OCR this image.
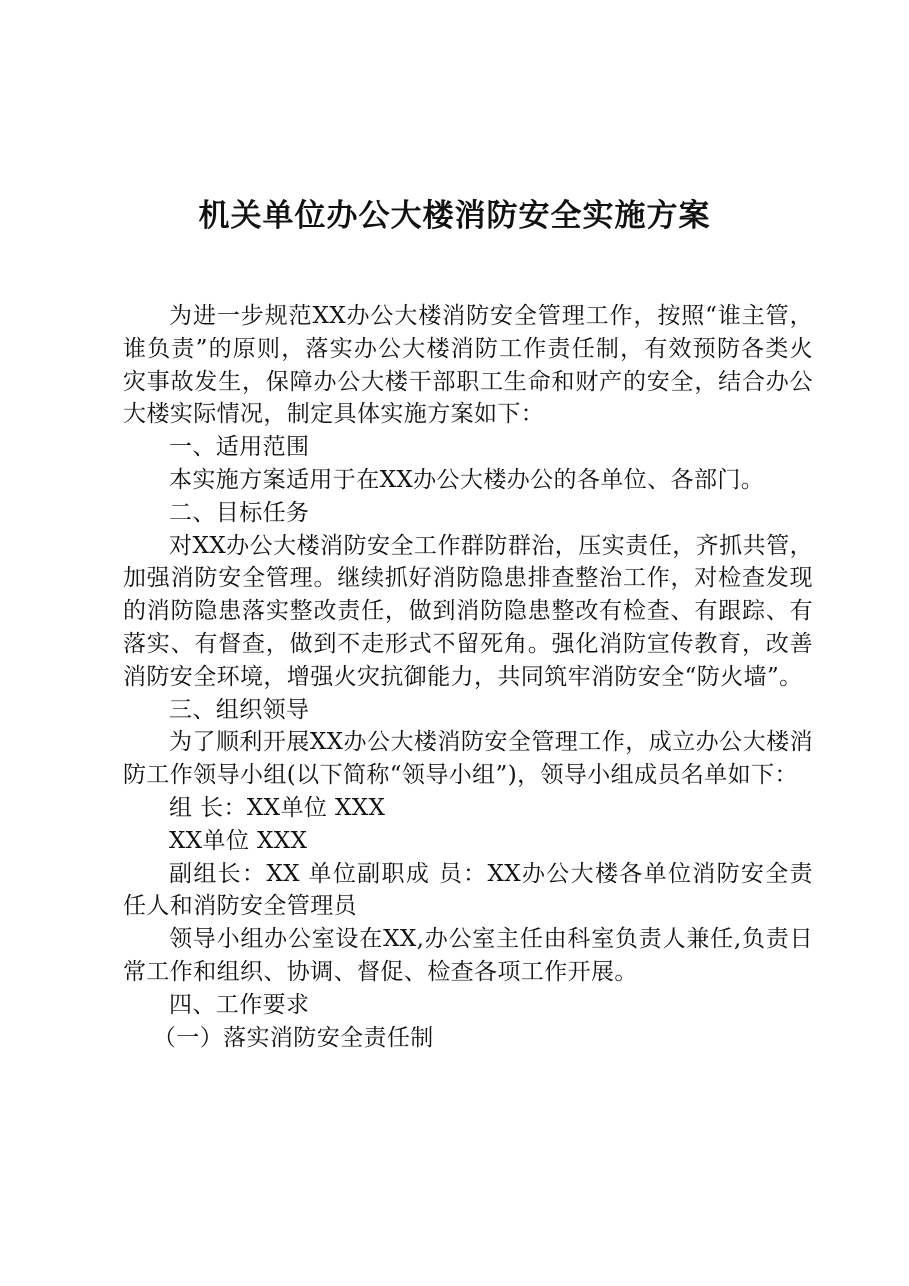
机关单位办公大楼消防安全实施方案

为进一步规范XX办公大楼消防安全管理工作，按照“谁主管，谁负责”的原则，落实办公大楼消防工作责任制，有效预防各类火灾事故发生，保障办公大楼干部职工生命和财产的安全，结合办公大楼实际情况，制定具体实施方案如下：

一、适用范围

本实施方案适用于在XX办公大楼办公的各单位、各部门。

二、目标任务

对XX办公大楼消防安全工作群防群治，压实责任，齐抓共管，加强消防安全管理。继续抓好消防隐患排查整治工作，对检查发现的消防隐患落实整改责任，做到消防隐患整改有检查、有跟踪、有落实、有督查，做到不走形式不留死角。强化消防宣传教育，改善消防安全环境，增强火灾抗御能力，共同筑牢消防安全“防火墙”。

三、组织领导

为了顺利开展XX办公大楼消防安全管理工作，成立办公大楼消防工作领导小组(以下简称“领导小组”)，领导小组成员名单如下：

组 长：XX单位 XXX

XX单位 XXX

副组长：XX 单位副职成 员：XX办公大楼各单位消防安全责任人和消防安全管理员

领导小组办公室设在XX,办公室主任由科室负责人兼任,负责日常工作和组织、协调、督促、检查各项工作开展。

四、工作要求

（一）落实消防安全责任制
